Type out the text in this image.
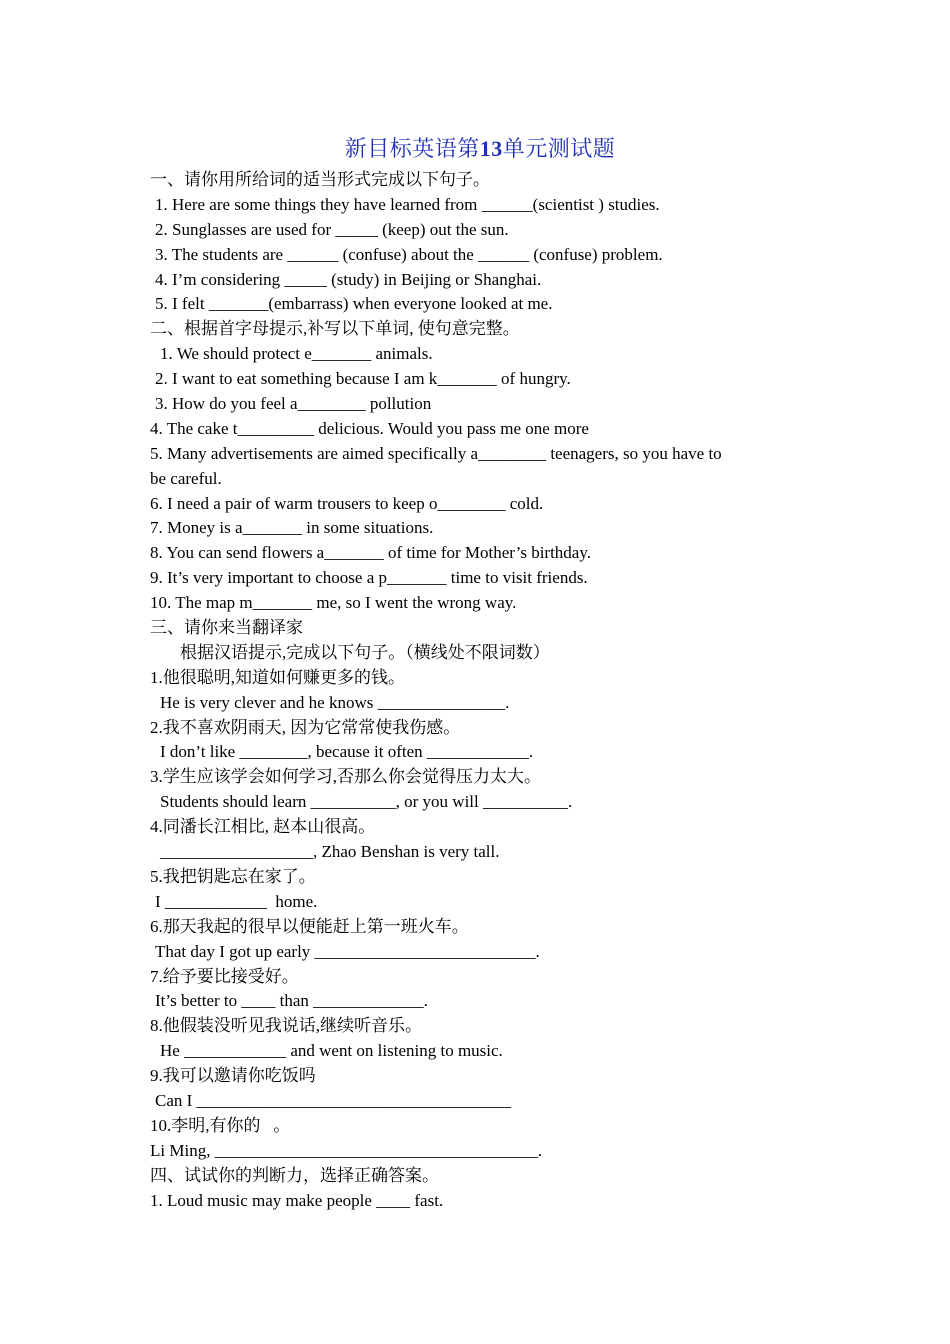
新目标英语第13单元测试题
一、请你用所给词的适当形式完成以下句子。
1. Here are some things they have learned from ______(scientist ) studies.
2. Sunglasses are used for _____ (keep) out the sun.
3. The students are ______ (confuse) about the ______ (confuse) problem.
4. I’m considering _____ (study) in Beijing or Shanghai.
5. I felt _______(embarrass) when everyone looked at me.
二、根据首字母提示,补写以下单词, 使句意完整。
1. We should protect e_______ animals.
2. I want to eat something because I am k_______ of hungry.
3. How do you feel a________ pollution
4. The cake t_________ delicious. Would you pass me one more
5. Many advertisements are aimed specifically a________ teenagers, so you have to
be careful.
6. I need a pair of warm trousers to keep o________ cold.
7. Money is a_______ in some situations.
8. You can send flowers a_______ of time for Mother’s birthday.
9. It’s very important to choose a p_______ time to visit friends.
10. The map m_______ me, so I went the wrong way.
三、请你来当翻译家
根据汉语提示,完成以下句子。（横线处不限词数）
1.他很聪明,知道如何赚更多的钱。
He is very clever and he knows _______________.
2.我不喜欢阴雨天, 因为它常常使我伤感。
I don’t like ________, because it often ____________.
3.学生应该学会如何学习,否那么你会觉得压力太大。
Students should learn __________, or you will __________.
4.同潘长江相比, 赵本山很高。
__________________, Zhao Benshan is very tall.
5.我把钥匙忘在家了。
I ____________  home.
6.那天我起的很早以便能赶上第一班火车。
That day I got up early __________________________.
7.给予要比接受好。
It’s better to ____ than _____________.
8.他假装没听见我说话,继续听音乐。
He ____________ and went on listening to music.
9.我可以邀请你吃饭吗
Can I _____________________________________
10.李明,有你的   。
Li Ming, ______________________________________.
四、试试你的判断力，选择正确答案。
1. Loud music may make people ____ fast.
